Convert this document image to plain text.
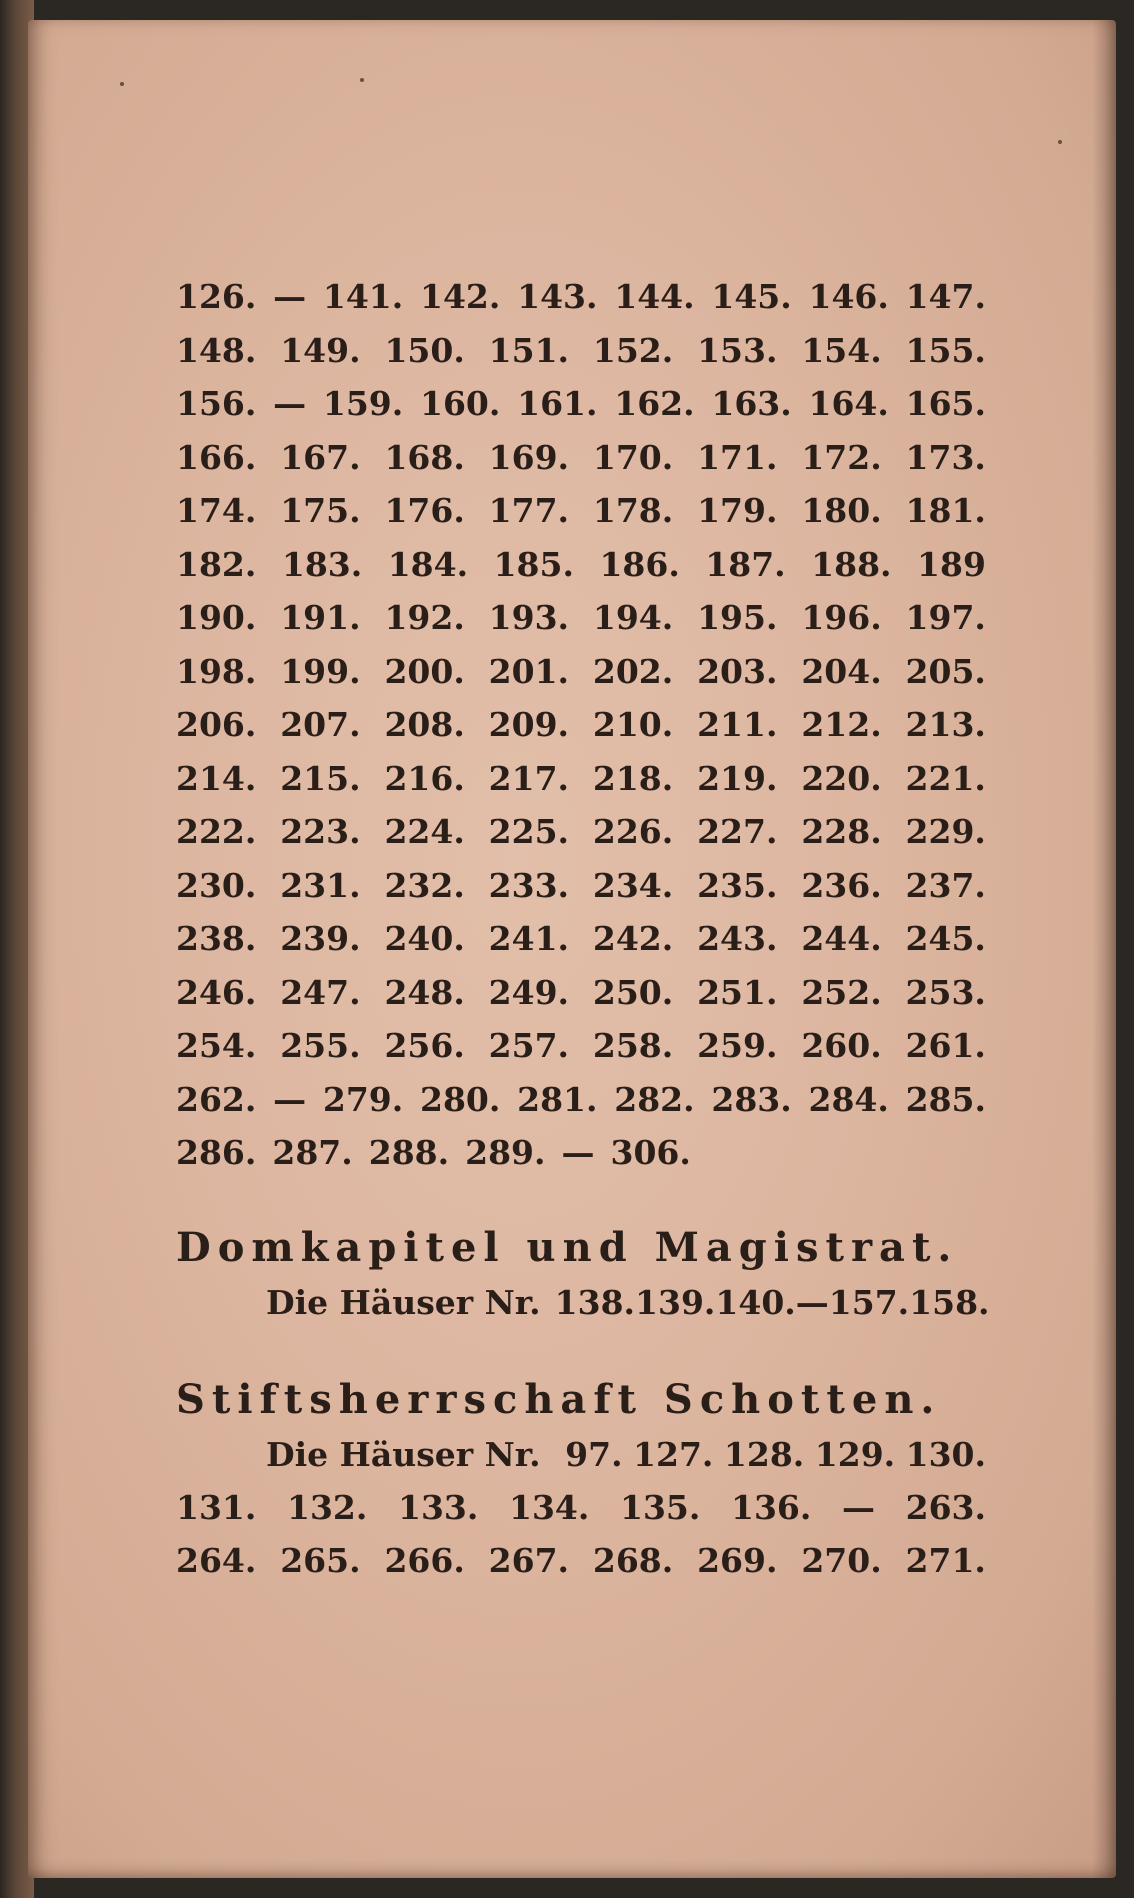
126. — 141. 142. 143. 144. 145. 146. 147.
148. 149. 150. 151. 152. 153. 154. 155.
156. — 159. 160. 161. 162. 163. 164. 165.
166. 167. 168. 169. 170. 171. 172. 173.
174. 175. 176. 177. 178. 179. 180. 181.
182. 183. 184. 185. 186. 187. 188. 189
190. 191. 192. 193. 194. 195. 196. 197.
198. 199. 200. 201. 202. 203. 204. 205.
206. 207. 208. 209. 210. 211. 212. 213.
214. 215. 216. 217. 218. 219. 220. 221.
222. 223. 224. 225. 226. 227. 228. 229.
230. 231. 232. 233. 234. 235. 236. 237.
238. 239. 240. 241. 242. 243. 244. 245.
246. 247. 248. 249. 250. 251. 252. 253.
254. 255. 256. 257. 258. 259. 260. 261.
262. — 279. 280. 281. 282. 283. 284. 285.
286. 287. 288. 289. — 306.
Domkapitel und Magistrat.
Die Häuser Nr. 138. 139. 140. — 157. 158.
Stiftsherrschaft Schotten.
Die Häuser Nr. 97. 127. 128. 129. 130.
131. 132. 133. 134. 135. 136. — 263.
264. 265. 266. 267. 268. 269. 270. 271.
